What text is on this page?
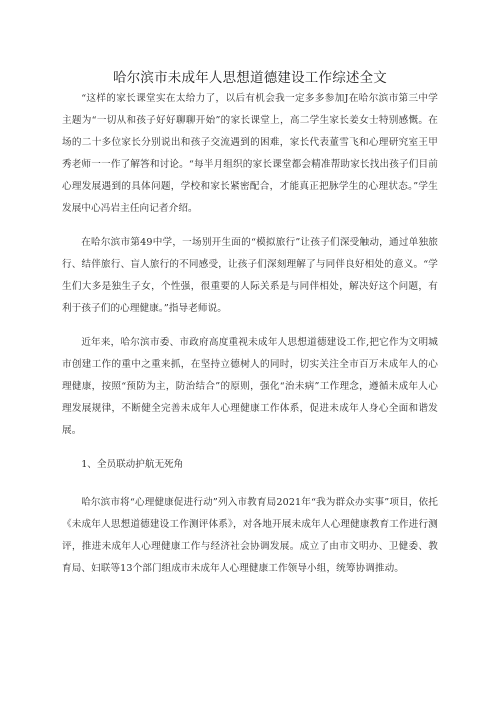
哈尔滨市未成年人思想道德建设工作综述全文

“这样的家长课堂实在太给力了，以后有机会我一定多多参加J在哈尔滨市第三中学主题为“一切从和孩子好好聊聊开始”的家长课堂上，高二学生家长姜女士特别感慨。在场的二十多位家长分别说出和孩子交流遇到的困难，家长代表董雪飞和心理研究室王甲秀老师一一作了解答和讨论。“每半月组织的家长课堂都会精准帮助家长找出孩子们目前心理发展遇到的具体问题，学校和家长紧密配合，才能真正把脉学生的心理状态。”学生发展中心冯岩主任向记者介绍。

在哈尔滨市第49中学，一场别开生面的“模拟旅行”让孩子们深受触动，通过单独旅行、结伴旅行、盲人旅行的不同感受，让孩子们深刻理解了与同伴良好相处的意义。“学生们大多是独生子女，个性强，很重要的人际关系是与同伴相处，解决好这个问题，有利于孩子们的心理健康。”指导老师说。

近年来，哈尔滨市委、市政府高度重视未成年人思想道德建设工作,把它作为文明城市创建工作的重中之重来抓，在坚持立德树人的同时，切实关注全市百万未成年人的心理健康，按照“预防为主，防治结合”的原则，强化“治未病”工作理念，遵循未成年人心理发展规律，不断健全完善未成年人心理健康工作体系，促进未成年人身心全面和谐发展。

1、全员联动护航无死角

哈尔滨市将“心理健康促进行动”列入市教育局2021年“我为群众办实事”项目，依托《未成年人思想道德建设工作测评体系》，对各地开展未成年人心理健康教育工作进行测评，推进未成年人心理健康工作与经济社会协调发展。成立了由市文明办、卫健委、教育局、妇联等13个部门组成市未成年人心理健康工作领导小组，统筹协调推动。
